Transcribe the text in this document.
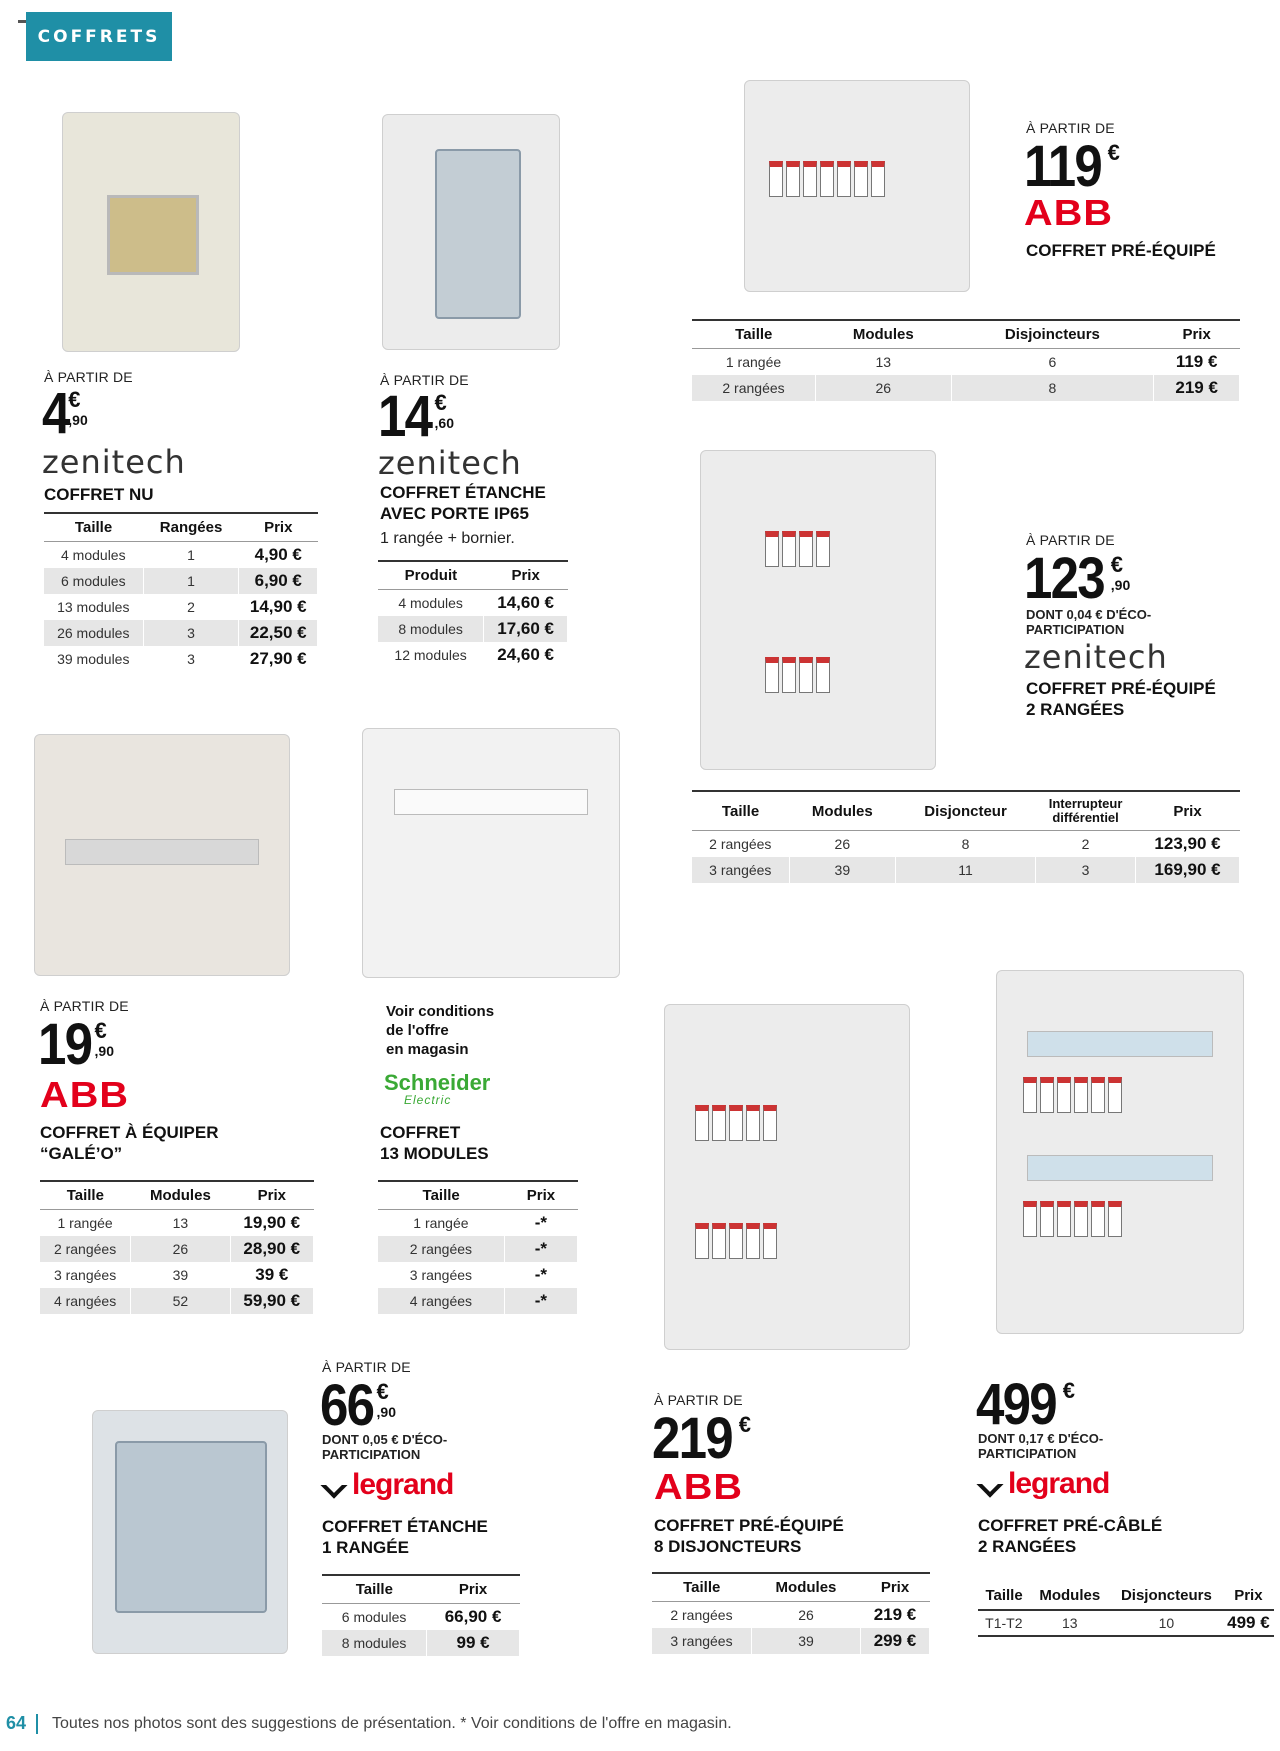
COFFRETS
À PARTIR DE
4 €
,90
zenitech
COFFRET NU
Taille	Rangées	Prix
4 modules	1	4,90 €
6 modules	1	6,90 €
13 modules	2	14,90 €
26 modules	3	22,50 €
39 modules	3	27,90 €
À PARTIR DE
14 €
,60
zenitech
COFFRET ÉTANCHE
AVEC PORTE IP65
1 rangée + bornier.
Produit	Prix
4 modules	14,60 €
8 modules	17,60 €
12 modules	24,60 €
À PARTIR DE
119 €
ABB
COFFRET PRÉ-ÉQUIPÉ
Taille	Modules	Disjoincteurs	Prix
1 rangée	13	6	119 €
2 rangées	26	8	219 €
À PARTIR DE
123 €
,90
DONT 0,04 € D'ÉCO-
PARTICIPATION
zenitech
COFFRET PRÉ-ÉQUIPÉ
2 RANGÉES
Taille	Modules	Disjoncteur	Interrupteur différentiel	Prix
2 rangées	26	8	2	123,90 €
3 rangées	39	11	3	169,90 €
À PARTIR DE
19 €
,90
ABB
COFFRET À ÉQUIPER
“GALÉ’O”
Taille	Modules	Prix
1 rangée	13	19,90 €
2 rangées	26	28,90 €
3 rangées	39	39 €
4 rangées	52	59,90 €
Voir conditions
de l'offre
en magasin
Schneider
Electric
COFFRET
13 MODULES
Taille	Prix
1 rangée	-*
2 rangées	-*
3 rangées	-*
4 rangées	-*
À PARTIR DE
66 €
,90
DONT 0,05 € D'ÉCO-
PARTICIPATION
legrand
COFFRET ÉTANCHE
1 RANGÉE
Taille	Prix
6 modules	66,90 €
8 modules	99 €
À PARTIR DE
219 €
ABB
COFFRET PRÉ-ÉQUIPÉ
8 DISJONCTEURS
Taille	Modules	Prix
2 rangées	26	219 €
3 rangées	39	299 €
499 €
DONT 0,17 € D'ÉCO-
PARTICIPATION
legrand
COFFRET PRÉ-CÂBLÉ
2 RANGÉES
Taille	Modules	Disjoncteurs	Prix
T1-T2	13	10	499 €
64 Toutes nos photos sont des suggestions de présentation. * Voir conditions de l'offre en magasin.
